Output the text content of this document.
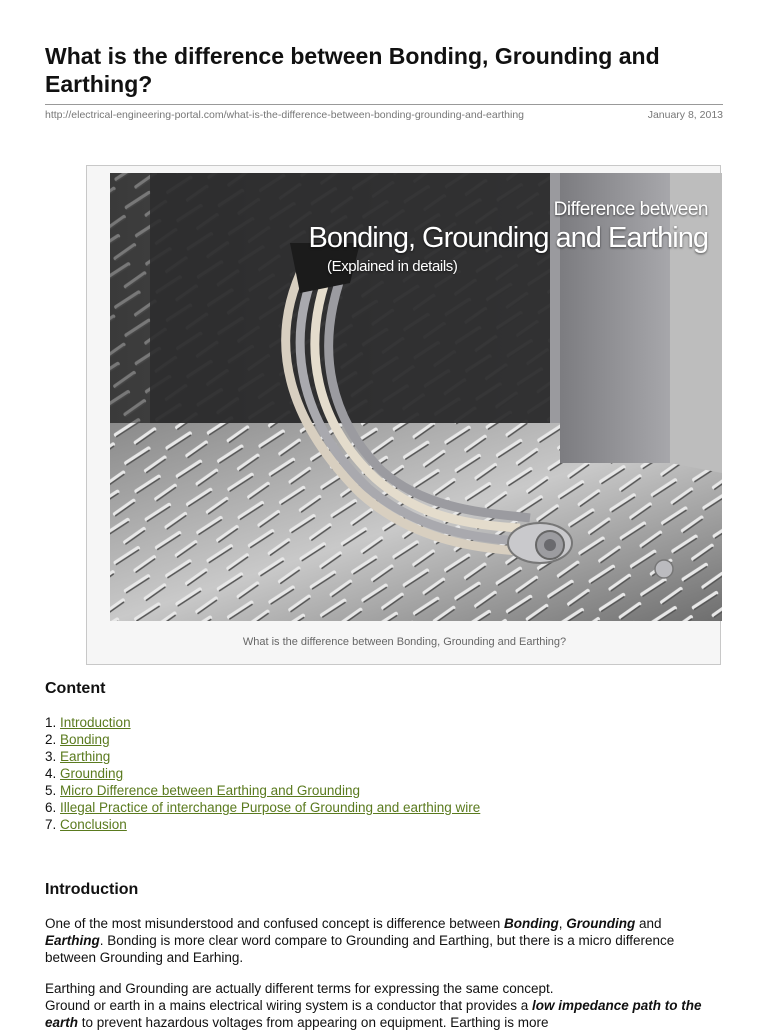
What is the difference between Bonding, Grounding and Earthing?
http://electrical-engineering-portal.com/what-is-the-difference-between-bonding-grounding-and-earthing	January 8, 2013
Difference between
Bonding, Grounding and Earthing
(Explained in details)
What is the difference between Bonding, Grounding and Earthing?
Content
1. Introduction
2. Bonding
3. Earthing
4. Grounding
5. Micro Difference between Earthing and Grounding
6. Illegal Practice of interchange Purpose of Grounding and earthing wire
7. Conclusion
Introduction

One of the most misunderstood and confused concept is difference between Bonding, Grounding and Earthing. Bonding is more clear word compare to Grounding and Earthing, but there is a micro difference between Grounding and Earhing.

Earthing and Grounding are actually different terms for expressing the same concept.
Ground or earth in a mains electrical wiring system is a conductor that provides a low impedance path to the earth to prevent hazardous voltages from appearing on equipment. Earthing is more
